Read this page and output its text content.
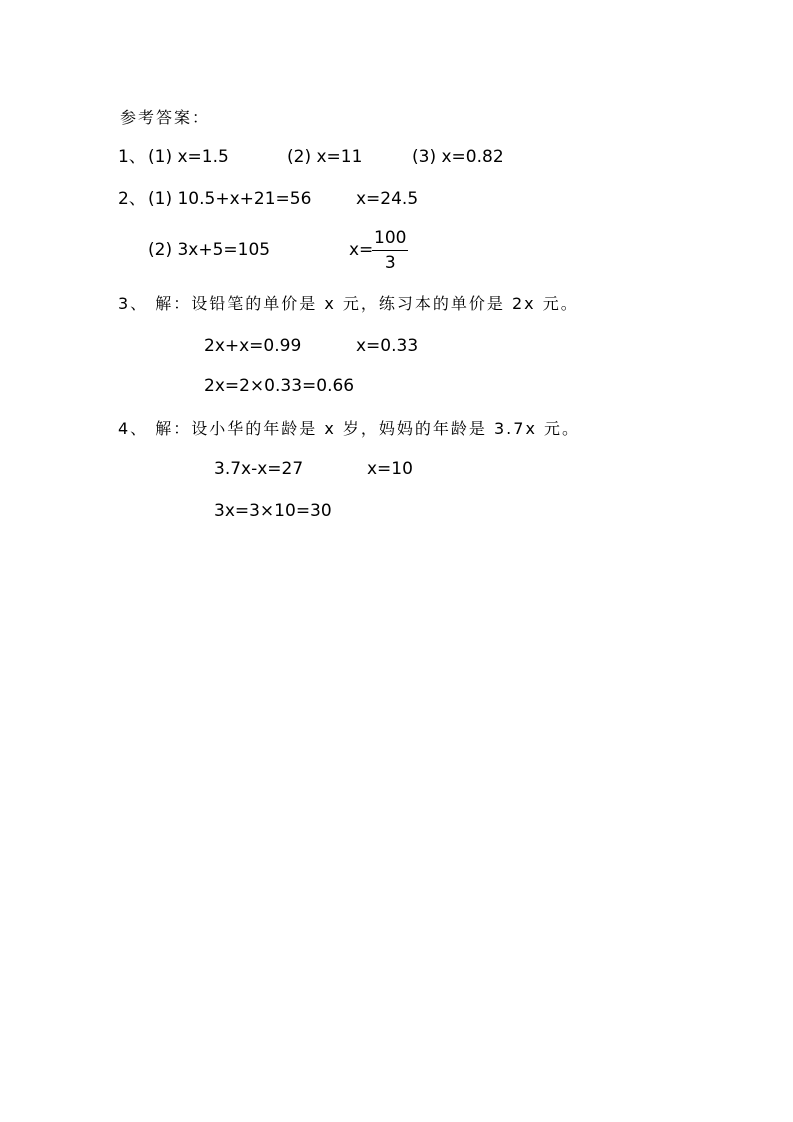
参考答案：
1、 (1) x=1.5	(2) x=11	(3) x=0.82
2、 (1) 10.5+x+21=56	x=24.5
(2) 3x+5=105	x=
$\frac{100}{3}$
3、 解：设铅笔的单价是 x 元，练习本的单价是 2x 元。
2x+x=0.99	x=0.33
2x=2×0.33=0.66
4、 解：设小华的年龄是 x 岁，妈妈的年龄是 3.7x 元。
3.7x-x=27	x=10
3x=3×10=30
